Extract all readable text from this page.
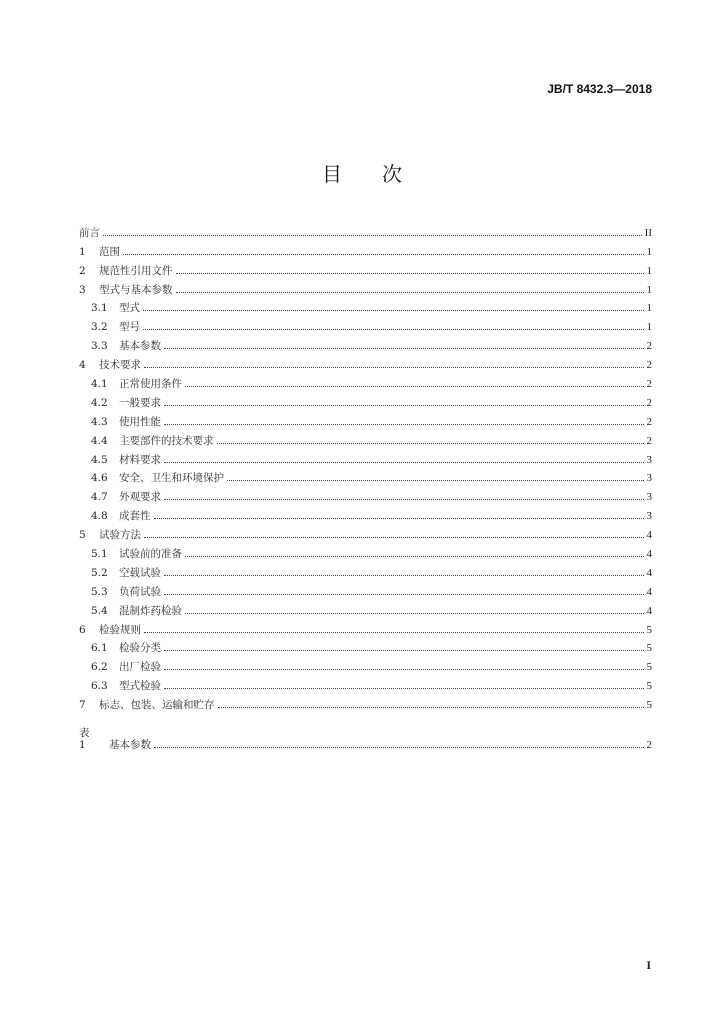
JB/T 8432.3—2018
目 次
前言	II
1	范围	1
2	规范性引用文件	1
3	型式与基本参数	1
3.1	型式	1
3.2	型号	1
3.3	基本参数	2
4	技术要求	2
4.1	正常使用条件	2
4.2	一般要求	2
4.3	使用性能	2
4.4	主要部件的技术要求	2
4.5	材料要求	3
4.6	安全、卫生和环境保护	3
4.7	外观要求	3
4.8	成套性	3
5	试验方法	4
5.1	试验前的准备	4
5.2	空载试验	4
5.3	负荷试验	4
5.4	混制炸药检验	4
6	检验规则	5
6.1	检验分类	5
6.2	出厂检验	5
6.3	型式检验	5
7	标志、包装、运输和贮存	5
表 1	基本参数	2
I
